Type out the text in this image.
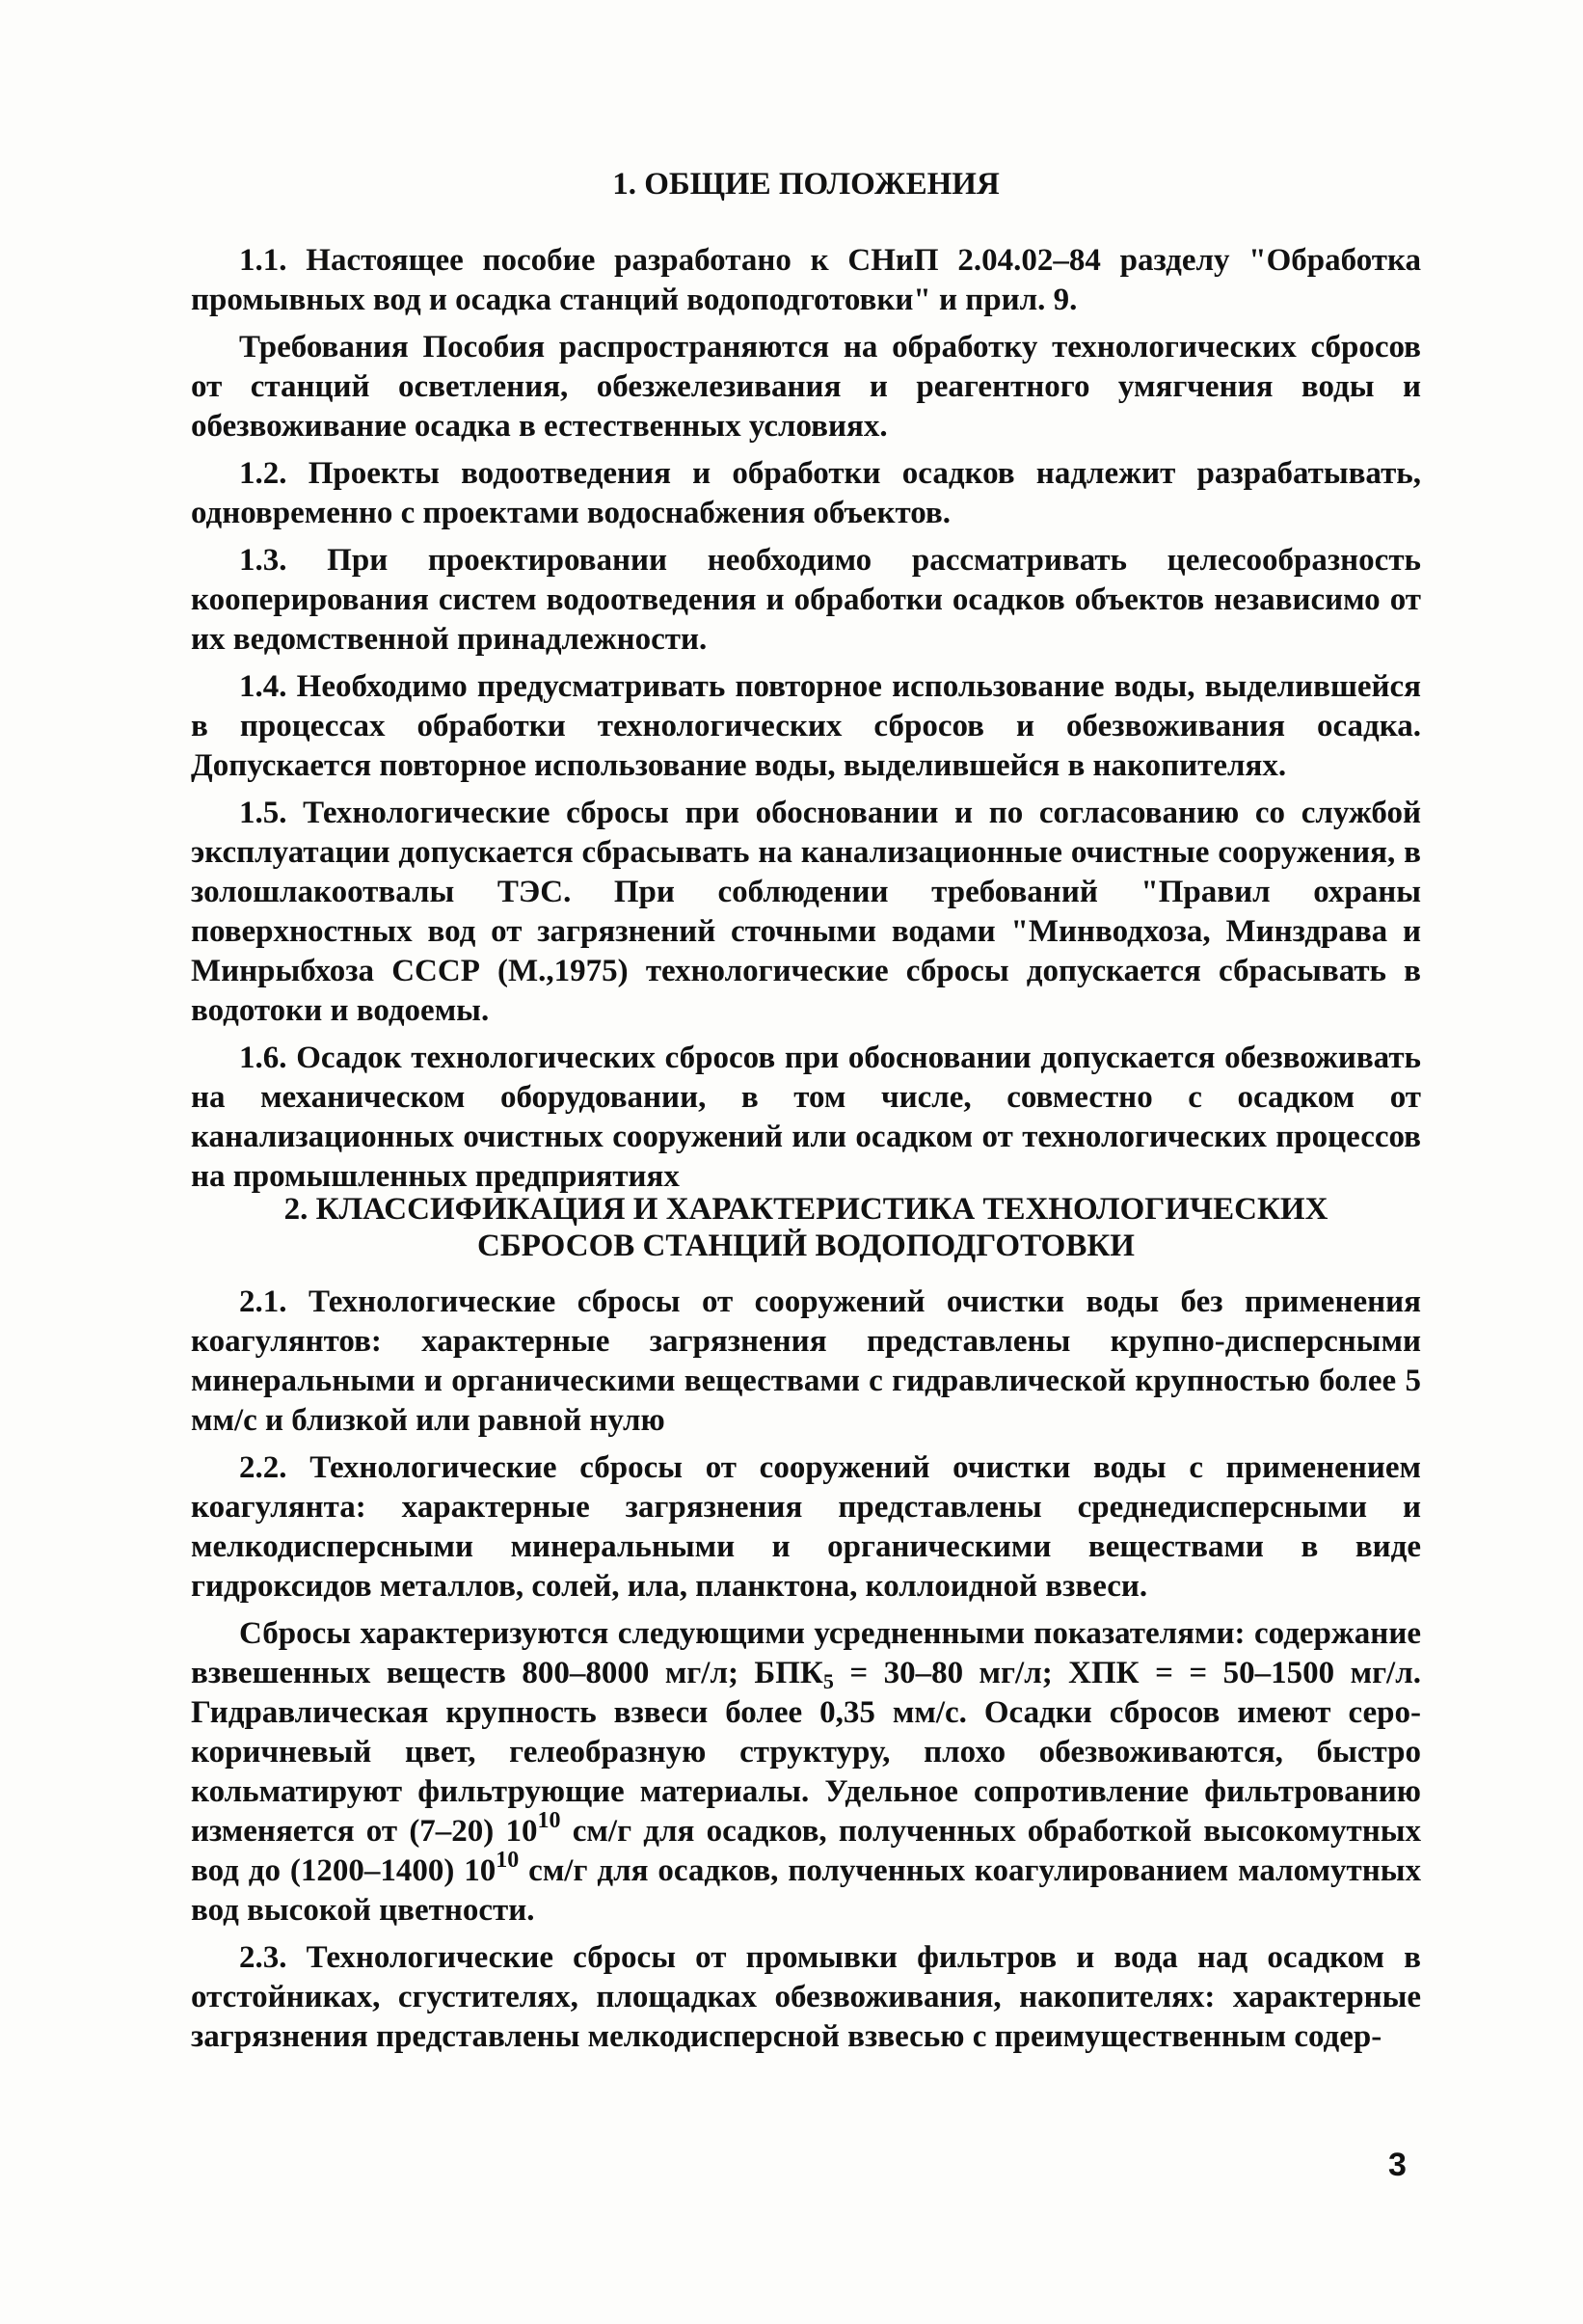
1. ОБЩИЕ ПОЛОЖЕНИЯ

1.1. Настоящее пособие разработано к СНиП 2.04.02–84 разделу "Обработка промывных вод и осадка станций водоподготовки" и прил. 9.

Требования Пособия распространяются на обработку технологических сбросов от станций осветления, обезжелезивания и реагентного умягчения воды и обезвоживание осадка в естественных условиях.

1.2. Проекты водоотведения и обработки осадков надлежит разрабатывать, одновременно с проектами водоснабжения объектов.

1.3. При проектировании необходимо рассматривать целесообразность кооперирования систем водоотведения и обработки осадков объектов независимо от их ведомственной принадлежности.

1.4. Необходимо предусматривать повторное использование воды, выделившейся в процессах обработки технологических сбросов и обезвоживания осадка. Допускается повторное использование воды, выделившейся в накопителях.

1.5. Технологические сбросы при обосновании и по согласованию со службой эксплуатации допускается сбрасывать на канализационные очистные сооружения, в золошлакоотвалы ТЭС. При соблюдении требований "Правил охраны поверхностных вод от загрязнений сточными водами "Минводхоза, Минздрава и Минрыбхоза СССР (М.,1975) технологические сбросы допускается сбрасывать в водотоки и водоемы.

1.6. Осадок технологических сбросов при обосновании допускается обезвоживать на механическом оборудовании, в том числе, совместно с осадком от канализационных очистных сооружений или осадком от технологических процессов на промышленных предприятиях

2. КЛАССИФИКАЦИЯ И ХАРАКТЕРИСТИКА ТЕХНОЛОГИЧЕСКИХ
СБРОСОВ СТАНЦИЙ ВОДОПОДГОТОВКИ

2.1. Технологические сбросы от сооружений очистки воды без применения коагулянтов: характерные загрязнения представлены крупно-дисперсными минеральными и органическими веществами с гидравлической крупностью более 5 мм/с и близкой или равной нулю

2.2. Технологические сбросы от сооружений очистки воды с применением коагулянта: характерные загрязнения представлены среднедисперсными и мелкодисперсными минеральными и органическими веществами в виде гидроксидов металлов, солей, ила, планктона, коллоидной взвеси.

Сбросы характеризуются следующими усредненными показателями: содержание взвешенных веществ 800–8000 мг/л; $БПК_5 = 30-80$ мг/л; ХПК = = 50–1500 мг/л. Гидравлическая крупность взвеси более 0,35 мм/с. Осадки сбросов имеют серо-коричневый цвет, гелеобразную структуру, плохо обезвоживаются, быстро кольматируют фильтрующие материалы. Удельное сопротивление фильтрованию изменяется от (7–20) $10^{10}$ см/г для осадков, полученных обработкой высокомутных вод до (1200–1400) $10^{10}$ см/г для осадков, полученных коагулированием маломутных вод высокой цветности.

2.3. Технологические сбросы от промывки фильтров и вода над осадком в отстойниках, сгустителях, площадках обезвоживания, накопителях: характерные загрязнения представлены мелкодисперсной взвесью с преимущественным содер-

3
